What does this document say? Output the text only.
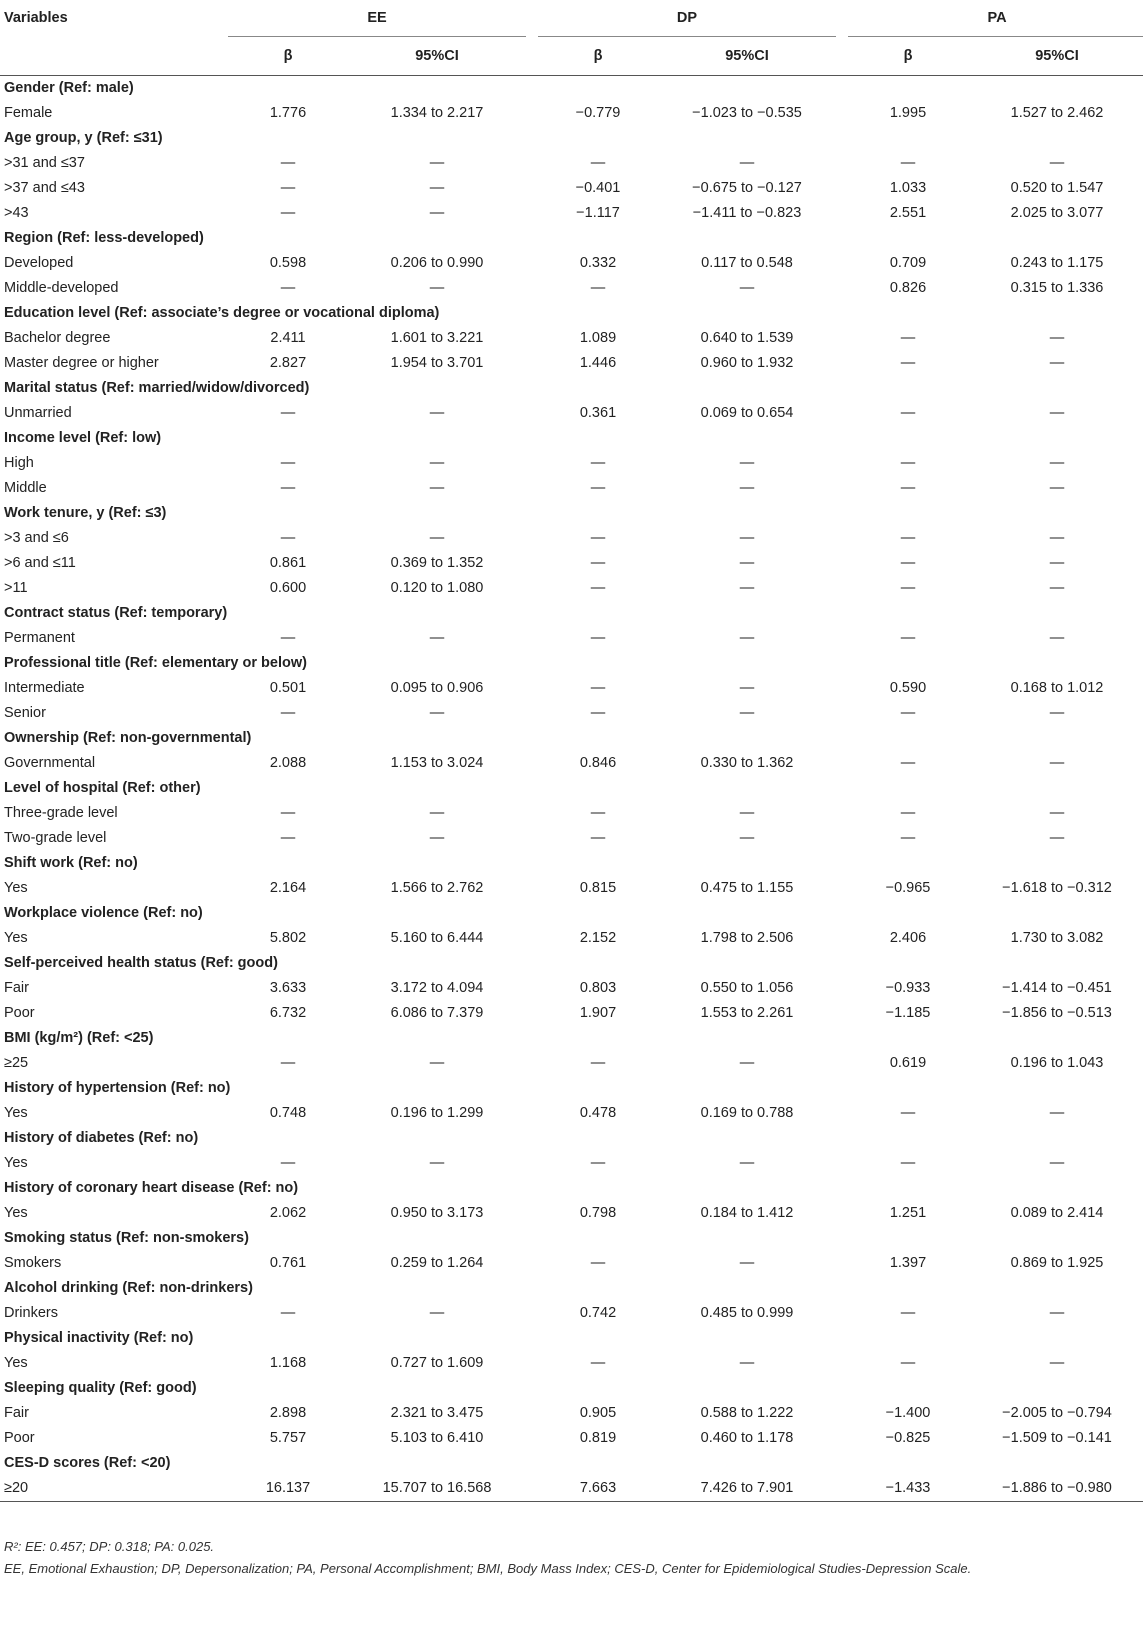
Variables	EE			DP			PA	
	β	95%CI		β	95%CI		β	95%CI
Gender (Ref: male)								
Female	1.776	1.334 to 2.217		−0.779	−1.023 to −0.535		1.995	1.527 to 2.462
Age group, y (Ref: ≤31)								
>31 and ≤37	—	—		—	—		—	—
>37 and ≤43	—	—		−0.401	−0.675 to −0.127		1.033	0.520 to 1.547
>43	—	—		−1.117	−1.411 to −0.823		2.551	2.025 to 3.077
Region (Ref: less-developed)								
Developed	0.598	0.206 to 0.990		0.332	0.117 to 0.548		0.709	0.243 to 1.175
Middle-developed	—	—		—	—		0.826	0.315 to 1.336
Education level (Ref: associate’s degree or vocational diploma)								
Bachelor degree	2.411	1.601 to 3.221		1.089	0.640 to 1.539		—	—
Master degree or higher	2.827	1.954 to 3.701		1.446	0.960 to 1.932		—	—
Marital status (Ref: married/widow/divorced)								
Unmarried	—	—		0.361	0.069 to 0.654		—	—
Income level (Ref: low)								
High	—	—		—	—		—	—
Middle	—	—		—	—		—	—
Work tenure, y (Ref: ≤3)								
>3 and ≤6	—	—		—	—		—	—
>6 and ≤11	0.861	0.369 to 1.352		—	—		—	—
>11	0.600	0.120 to 1.080		—	—		—	—
Contract status (Ref: temporary)								
Permanent	—	—		—	—		—	—
Professional title (Ref: elementary or below)								
Intermediate	0.501	0.095 to 0.906		—	—		0.590	0.168 to 1.012
Senior	—	—		—	—		—	—
Ownership (Ref: non-governmental)								
Governmental	2.088	1.153 to 3.024		0.846	0.330 to 1.362		—	—
Level of hospital (Ref: other)								
Three-grade level	—	—		—	—		—	—
Two-grade level	—	—		—	—		—	—
Shift work (Ref: no)								
Yes	2.164	1.566 to 2.762		0.815	0.475 to 1.155		−0.965	−1.618 to −0.312
Workplace violence (Ref: no)								
Yes	5.802	5.160 to 6.444		2.152	1.798 to 2.506		2.406	1.730 to 3.082
Self-perceived health status (Ref: good)								
Fair	3.633	3.172 to 4.094		0.803	0.550 to 1.056		−0.933	−1.414 to −0.451
Poor	6.732	6.086 to 7.379		1.907	1.553 to 2.261		−1.185	−1.856 to −0.513
BMI (kg/m²) (Ref: <25)								
≥25	—	—		—	—		0.619	0.196 to 1.043
History of hypertension (Ref: no)								
Yes	0.748	0.196 to 1.299		0.478	0.169 to 0.788		—	—
History of diabetes (Ref: no)								
Yes	—	—		—	—		—	—
History of coronary heart disease (Ref: no)								
Yes	2.062	0.950 to 3.173		0.798	0.184 to 1.412		1.251	0.089 to 2.414
Smoking status (Ref: non-smokers)								
Smokers	0.761	0.259 to 1.264		—	—		1.397	0.869 to 1.925
Alcohol drinking (Ref: non-drinkers)								
Drinkers	—	—		0.742	0.485 to 0.999		—	—
Physical inactivity (Ref: no)								
Yes	1.168	0.727 to 1.609		—	—		—	—
Sleeping quality (Ref: good)								
Fair	2.898	2.321 to 3.475		0.905	0.588 to 1.222		−1.400	−2.005 to −0.794
Poor	5.757	5.103 to 6.410		0.819	0.460 to 1.178		−0.825	−1.509 to −0.141
CES-D scores (Ref: <20)								
≥20	16.137	15.707 to 16.568		7.663	7.426 to 7.901		−1.433	−1.886 to −0.980

R²: EE: 0.457; DP: 0.318; PA: 0.025.

EE, Emotional Exhaustion; DP, Depersonalization; PA, Personal Accomplishment; BMI, Body Mass Index; CES-D, Center for Epidemiological Studies-Depression Scale.
